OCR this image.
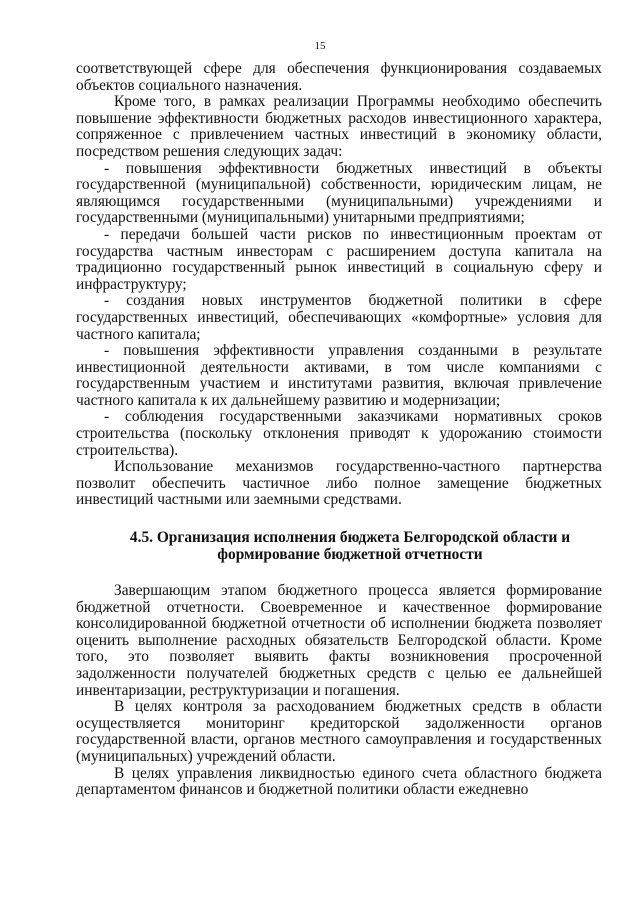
15

соответствующей сфере для обеспечения функционирования создаваемых объектов социального назначения.

Кроме того, в рамках реализации Программы необходимо обеспечить повышение эффективности бюджетных расходов инвестиционного характера, сопряженное с привлечением частных инвестиций в экономику области, посредством решения следующих задач:

- повышения эффективности бюджетных инвестиций в объекты государственной (муниципальной) собственности, юридическим лицам, не являющимся государственными (муниципальными) учреждениями и государственными (муниципальными) унитарными предприятиями;

- передачи большей части рисков по инвестиционным проектам от государства частным инвесторам с расширением доступа капитала на традиционно государственный рынок инвестиций в социальную сферу и инфраструктуру;

- создания новых инструментов бюджетной политики в сфере государственных инвестиций, обеспечивающих «комфортные» условия для частного капитала;

- повышения эффективности управления созданными в результате инвестиционной деятельности активами, в том числе компаниями с государственным участием и институтами развития, включая привлечение частного капитала к их дальнейшему развитию и модернизации;

- соблюдения государственными заказчиками нормативных сроков строительства (поскольку отклонения приводят к удорожанию стоимости строительства).

Использование механизмов государственно-частного партнерства позволит обеспечить частичное либо полное замещение бюджетных инвестиций частными или заемными средствами.

4.5. Организация исполнения бюджета Белгородской области и
формирование бюджетной отчетности

Завершающим этапом бюджетного процесса является формирование бюджетной отчетности. Своевременное и качественное формирование консолидированной бюджетной отчетности об исполнении бюджета позволяет оценить выполнение расходных обязательств Белгородской области. Кроме того, это позволяет выявить факты возникновения просроченной задолженности получателей бюджетных средств с целью ее дальнейшей инвентаризации, реструктуризации и погашения.

В целях контроля за расходованием бюджетных средств в области осуществляется мониторинг кредиторской задолженности органов государственной власти, органов местного самоуправления и государственных (муниципальных) учреждений области.

В целях управления ликвидностью единого счета областного бюджета департаментом финансов и бюджетной политики области ежедневно
